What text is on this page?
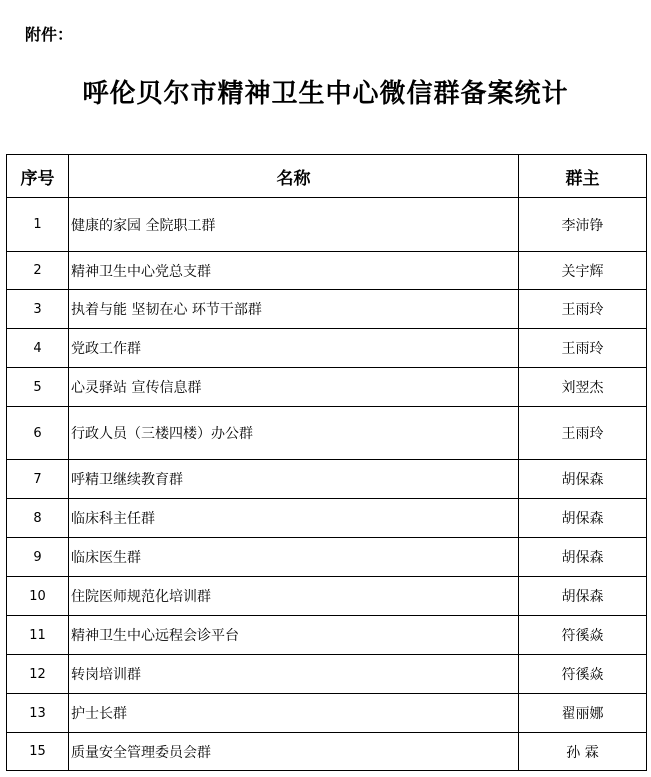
附件：
呼伦贝尔市精神卫生中心微信群备案统计
序号	名称	群主
1	健康的家园 全院职工群	李沛铮
2	精神卫生中心党总支群	关宇辉
3	执着与能 坚韧在心 环节干部群	王雨玲
4	党政工作群	王雨玲
5	心灵驿站 宣传信息群	刘翌杰
6	行政人员（三楼四楼）办公群	王雨玲
7	呼精卫继续教育群	胡保森
8	临床科主任群	胡保森
9	临床医生群	胡保森
10	住院医师规范化培训群	胡保森
11	精神卫生中心远程会诊平台	符徯焱
12	转岗培训群	符徯焱
13	护士长群	翟丽娜
15	质量安全管理委员会群	孙 霖
